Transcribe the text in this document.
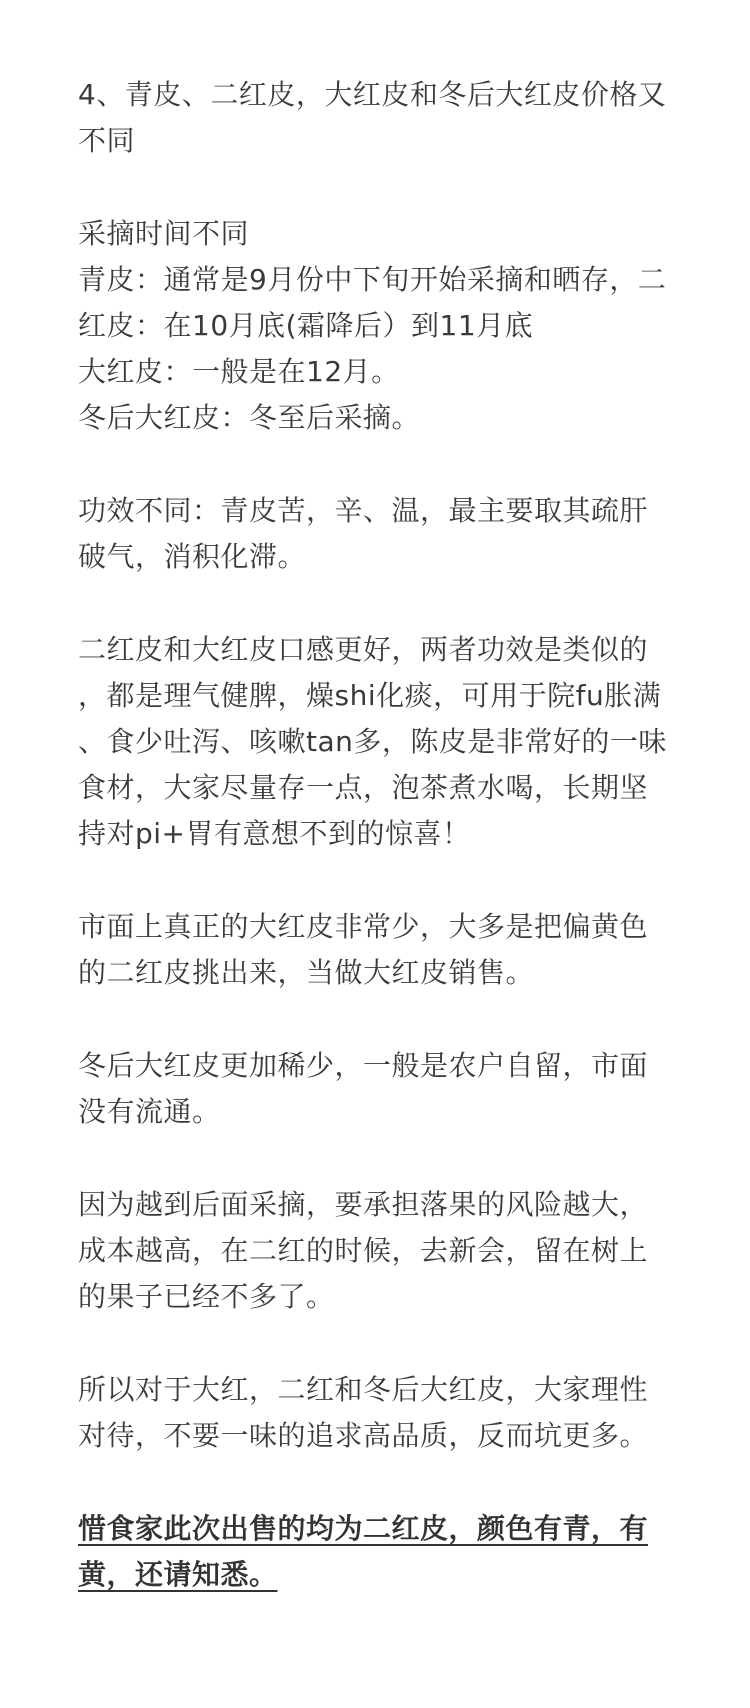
4、青皮、二红皮，大红皮和冬后大红皮价格又
不同

采摘时间不同
青皮：通常是9月份中下旬开始采摘和晒存，二
红皮：在10月底(霜降后）到11月底
大红皮：一般是在12月。
冬后大红皮：冬至后采摘。

功效不同：青皮苦，辛、温，最主要取其疏肝
破气，消积化滞。

二红皮和大红皮口感更好，两者功效是类似的
，都是理气健脾，燥shi化痰，可用于院fu胀满
、食少吐泻、咳嗽tan多，陈皮是非常好的一味
食材，大家尽量存一点，泡茶煮水喝，长期坚
持对pi+胃有意想不到的惊喜！

市面上真正的大红皮非常少，大多是把偏黄色
的二红皮挑出来，当做大红皮销售。

冬后大红皮更加稀少，一般是农户自留，市面
没有流通。

因为越到后面采摘，要承担落果的风险越大，
成本越高，在二红的时候，去新会，留在树上
的果子已经不多了。

所以对于大红，二红和冬后大红皮，大家理性
对待，不要一味的追求高品质，反而坑更多。

惜食家此次出售的均为二红皮，颜色有青，有
黄，还请知悉。
